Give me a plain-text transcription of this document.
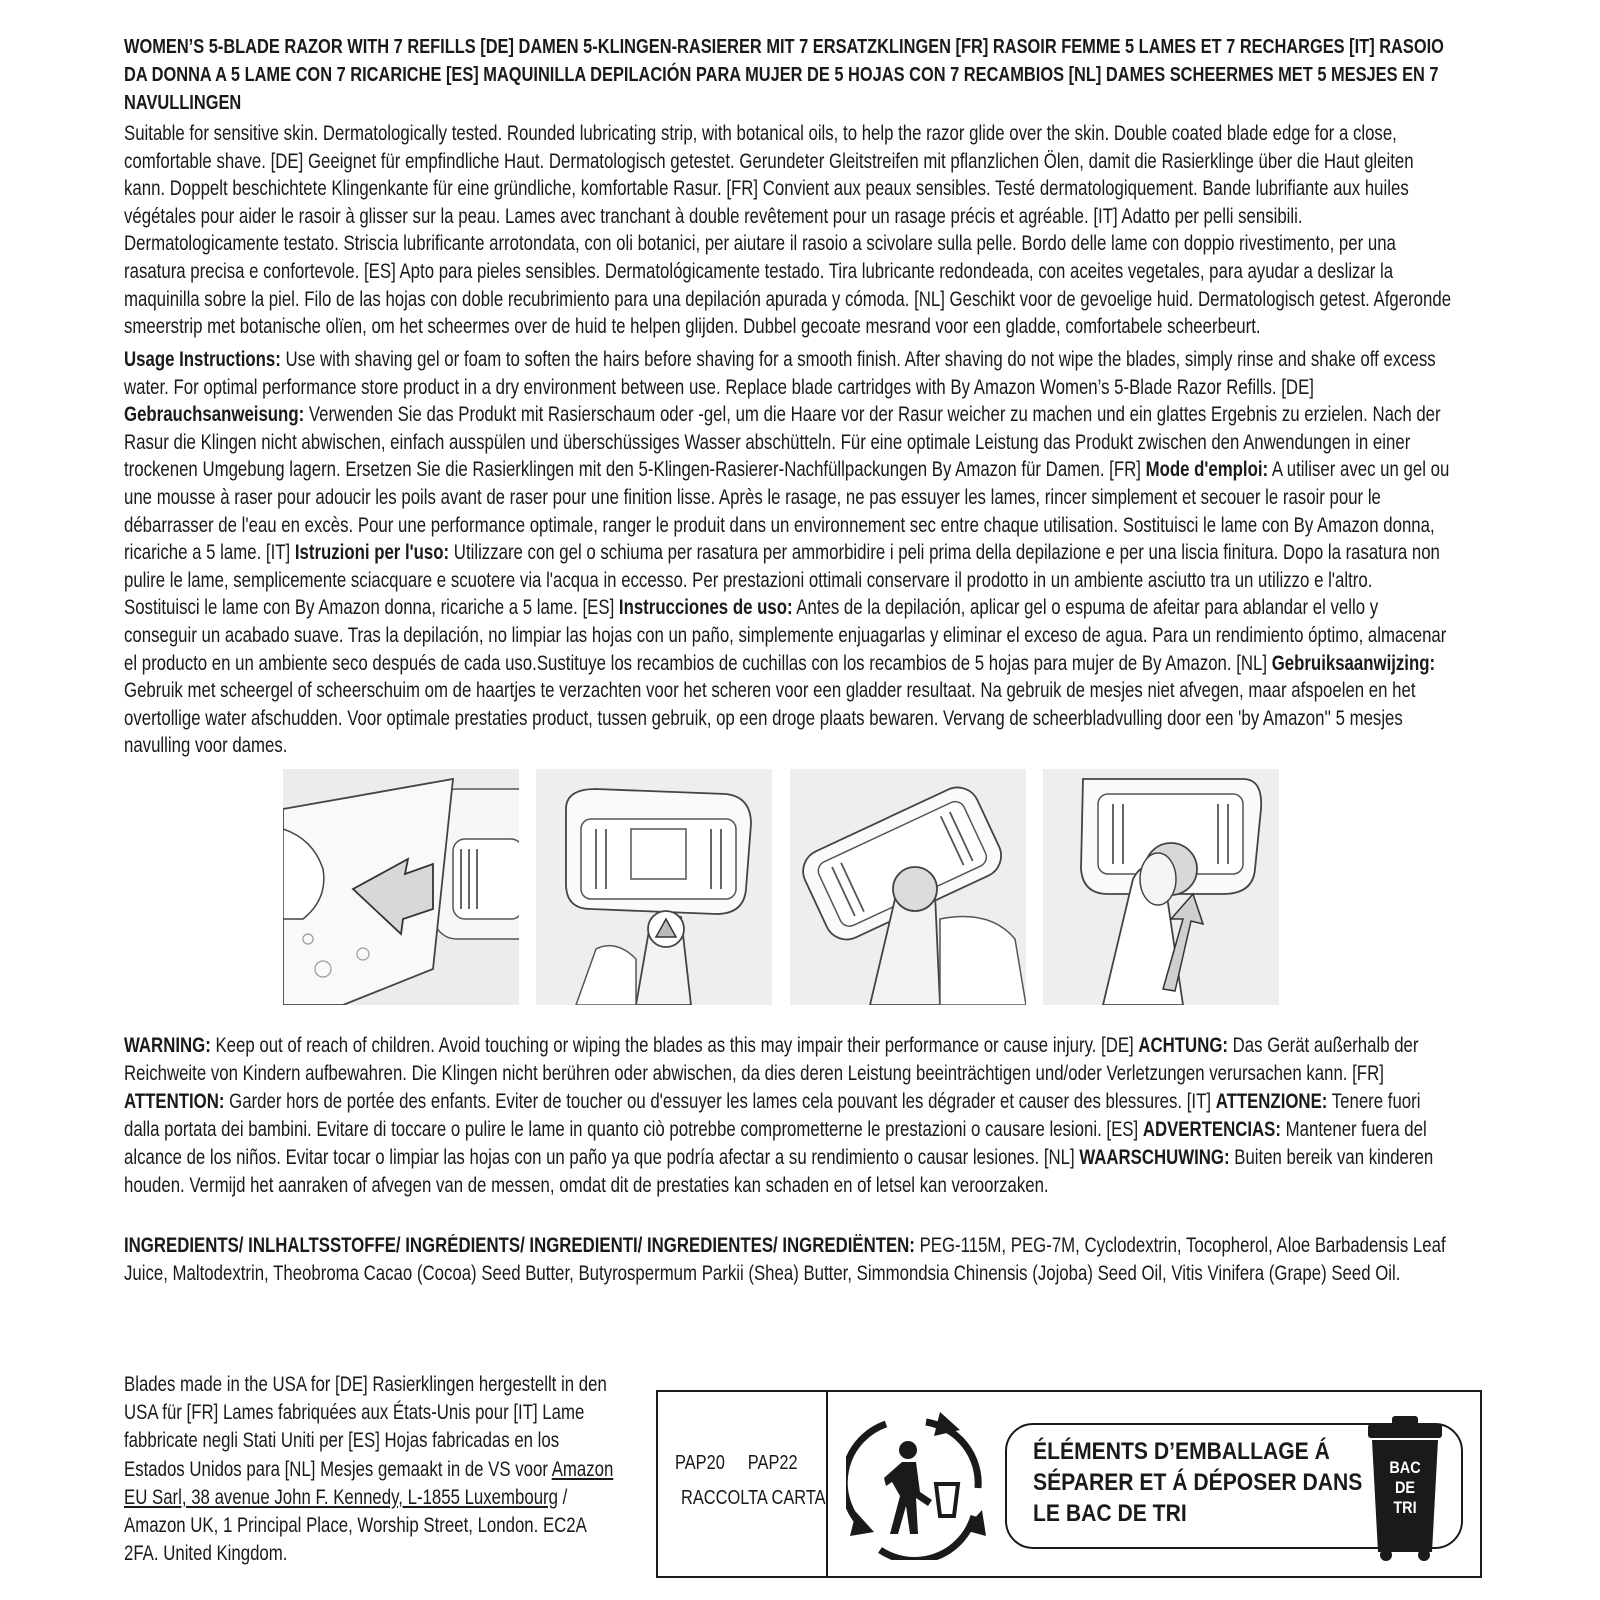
WOMEN’S 5-BLADE RAZOR WITH 7 REFILLS [DE] DAMEN 5-KLINGEN-RASIERER MIT 7 ERSATZKLINGEN [FR] RASOIR FEMME 5 LAMES ET 7 RECHARGES [IT] RASOIO DA DONNA A 5 LAME CON 7 RICARICHE [ES] MAQUINILLA DEPILACIÓN PARA MUJER DE 5 HOJAS CON 7 RECAMBIOS [NL] DAMES SCHEERMES MET 5 MESJES EN 7 NAVULLINGEN
Suitable for sensitive skin. Dermatologically tested. Rounded lubricating strip, with botanical oils, to help the razor glide over the skin. Double coated blade edge for a close, comfortable shave. [DE] Geeignet für empfindliche Haut. Dermatologisch getestet. Gerundeter Gleitstreifen mit pflanzlichen Ölen, damit die Rasierklinge über die Haut gleiten kann. Doppelt beschichtete Klingenkante für eine gründliche, komfortable Rasur. [FR] Convient aux peaux sensibles. Testé dermatologiquement. Bande lubrifiante aux huiles végétales pour aider le rasoir à glisser sur la peau. Lames avec tranchant à double revêtement pour un rasage précis et agréable. [IT] Adatto per pelli sensibili. Dermatologicamente testato. Striscia lubrificante arrotondata, con oli botanici, per aiutare il rasoio a scivolare sulla pelle. Bordo delle lame con doppio rivestimento, per una rasatura precisa e confortevole. [ES] Apto para pieles sensibles. Dermatológicamente testado. Tira lubricante redondeada, con aceites vegetales, para ayudar a deslizar la maquinilla sobre la piel. Filo de las hojas con doble recubrimiento para una depilación apurada y cómoda. [NL] Geschikt voor de gevoelige huid. Dermatologisch getest. Afgeronde smeerstrip met botanische olïen, om het scheermes over de huid te helpen glijden. Dubbel gecoate mesrand voor een gladde, comfortabele scheerbeurt.
Usage Instructions: Use with shaving gel or foam to soften the hairs before shaving for a smooth finish. After shaving do not wipe the blades, simply rinse and shake off excess water. For optimal performance store product in a dry environment between use. Replace blade cartridges with By Amazon Women’s 5-Blade Razor Refills. [DE] Gebrauchsanweisung: Verwenden Sie das Produkt mit Rasierschaum oder -gel, um die Haare vor der Rasur weicher zu machen und ein glattes Ergebnis zu erzielen. Nach der Rasur die Klingen nicht abwischen, einfach ausspülen und überschüssiges Wasser abschütteln. Für eine optimale Leistung das Produkt zwischen den Anwendungen in einer trockenen Umgebung lagern. Ersetzen Sie die Rasierklingen mit den 5-Klingen-Rasierer-Nachfüllpackungen By Amazon für Damen. [FR] Mode d'emploi: A utiliser avec un gel ou une mousse à raser pour adoucir les poils avant de raser pour une finition lisse. Après le rasage, ne pas essuyer les lames, rincer simplement et secouer le rasoir pour le débarrasser de l'eau en excès. Pour une performance optimale, ranger le produit dans un environnement sec entre chaque utilisation. Sostituisci le lame con By Amazon donna, ricariche a 5 lame. [IT] Istruzioni per l'uso: Utilizzare con gel o schiuma per rasatura per ammorbidire i peli prima della depilazione e per una liscia finitura. Dopo la rasatura non pulire le lame, semplicemente sciacquare e scuotere via l'acqua in eccesso. Per prestazioni ottimali conservare il prodotto in un ambiente asciutto tra un utilizzo e l'altro. Sostituisci le lame con By Amazon donna, ricariche a 5 lame. [ES] Instrucciones de uso: Antes de la depilación, aplicar gel o espuma de afeitar para ablandar el vello y conseguir un acabado suave. Tras la depilación, no limpiar las hojas con un paño, simplemente enjuagarlas y eliminar el exceso de agua. Para un rendimiento óptimo, almacenar el producto en un ambiente seco después de cada uso.Sustituye los recambios de cuchillas con los recambios de 5 hojas para mujer de By Amazon. [NL] Gebruiksaanwijzing: Gebruik met scheergel of scheerschuim om de haartjes te verzachten voor het scheren voor een gladder resultaat. Na gebruik de mesjes niet afvegen, maar afspoelen en het overtollige water afschudden. Voor optimale prestaties product, tussen gebruik, op een droge plaats bewaren. Vervang de scheerbladvulling door een 'by Amazon'' 5 mesjes navulling voor dames.
WARNING: Keep out of reach of children. Avoid touching or wiping the blades as this may impair their performance or cause injury. [DE] ACHTUNG: Das Gerät außerhalb der Reichweite von Kindern aufbewahren. Die Klingen nicht berühren oder abwischen, da dies deren Leistung beeinträchtigen und/oder Verletzungen verursachen kann. [FR] ATTENTION: Garder hors de portée des enfants. Eviter de toucher ou d'essuyer les lames cela pouvant les dégrader et causer des blessures. [IT] ATTENZIONE: Tenere fuori dalla portata dei bambini. Evitare di toccare o pulire le lame in quanto ciò potrebbe comprometterne le prestazioni o causare lesioni. [ES] ADVERTENCIAS: Mantener fuera del alcance de los niños. Evitar tocar o limpiar las hojas con un paño ya que podría afectar a su rendimiento o causar lesiones. [NL] WAARSCHUWING: Buiten bereik van kinderen houden. Vermijd het aanraken of afvegen van de messen, omdat dit de prestaties kan schaden en of letsel kan veroorzaken.
INGREDIENTS/ INLHALTSSTOFFE/ INGRÉDIENTS/ INGREDIENTI/ INGREDIENTES/ INGREDIËNTEN: PEG-115M, PEG-7M, Cyclodextrin, Tocopherol, Aloe Barbadensis Leaf Juice, Maltodextrin, Theobroma Cacao (Cocoa) Seed Butter, Butyrospermum Parkii (Shea) Butter, Simmondsia Chinensis (Jojoba) Seed Oil, Vitis Vinifera (Grape) Seed Oil.
Blades made in the USA for [DE] Rasierklingen hergestellt in den USA für [FR] Lames fabriquées aux États-Unis pour [IT] Lame fabbricate negli Stati Uniti per [ES] Hojas fabricadas en los Estados Unidos para [NL] Mesjes gemaakt in de VS voor Amazon EU Sarl, 38 avenue John F. Kennedy, L-1855 Luxembourg / Amazon UK, 1 Principal Place, Worship Street, London. EC2A 2FA. United Kingdom.
PAP20 PAP22
RACCOLTA CARTA
ÉLÉMENTS D’EMBALLAGE Á SÉPARER ET Á DÉPOSER DANS LE BAC DE TRI
BAC
DE
TRI
